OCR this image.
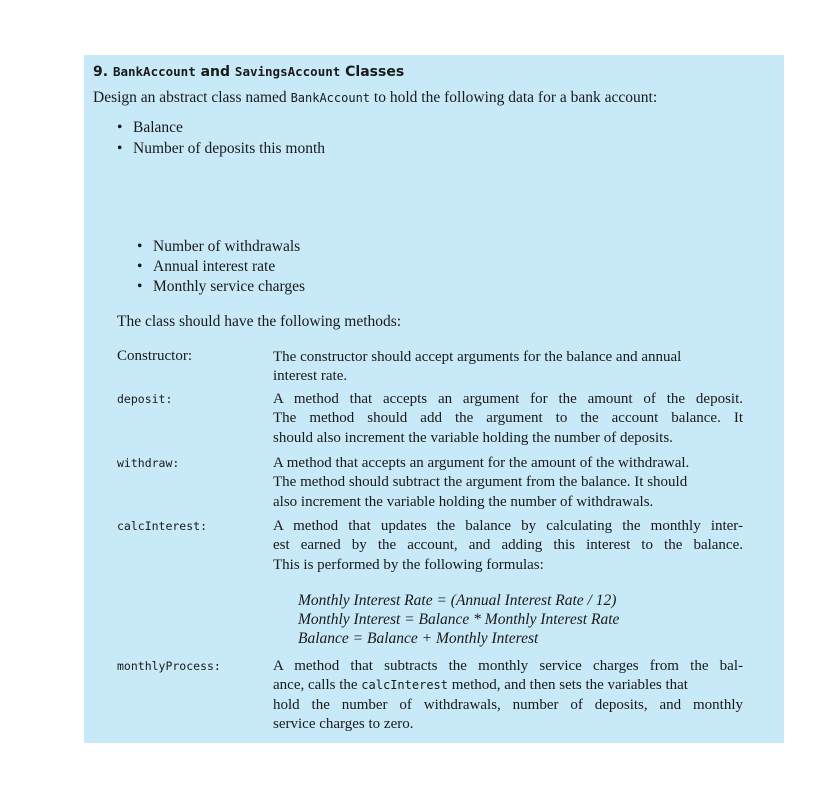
9. BankAccount and SavingsAccount Classes
Design an abstract class named BankAccount to hold the following data for a bank account:
• Balance
• Number of deposits this month
• Number of withdrawals
• Annual interest rate
• Monthly service charges
The class should have the following methods:
Constructor:	The constructor should accept arguments for the balance and annual
interest rate.
deposit:	A method that accepts an argument for the amount of the deposit.
The method should add the argument to the account balance. It
should also increment the variable holding the number of deposits.
withdraw:	A method that accepts an argument for the amount of the withdrawal.
The method should subtract the argument from the balance. It should
also increment the variable holding the number of withdrawals.
calcInterest:	A method that updates the balance by calculating the monthly inter-
est earned by the account, and adding this interest to the balance.
This is performed by the following formulas:
Monthly Interest Rate = (Annual Interest Rate / 12)
Monthly Interest = Balance * Monthly Interest Rate
Balance = Balance + Monthly Interest
monthlyProcess:	A method that subtracts the monthly service charges from the bal-
ance, calls the calcInterest method, and then sets the variables that
hold the number of withdrawals, number of deposits, and monthly
service charges to zero.
